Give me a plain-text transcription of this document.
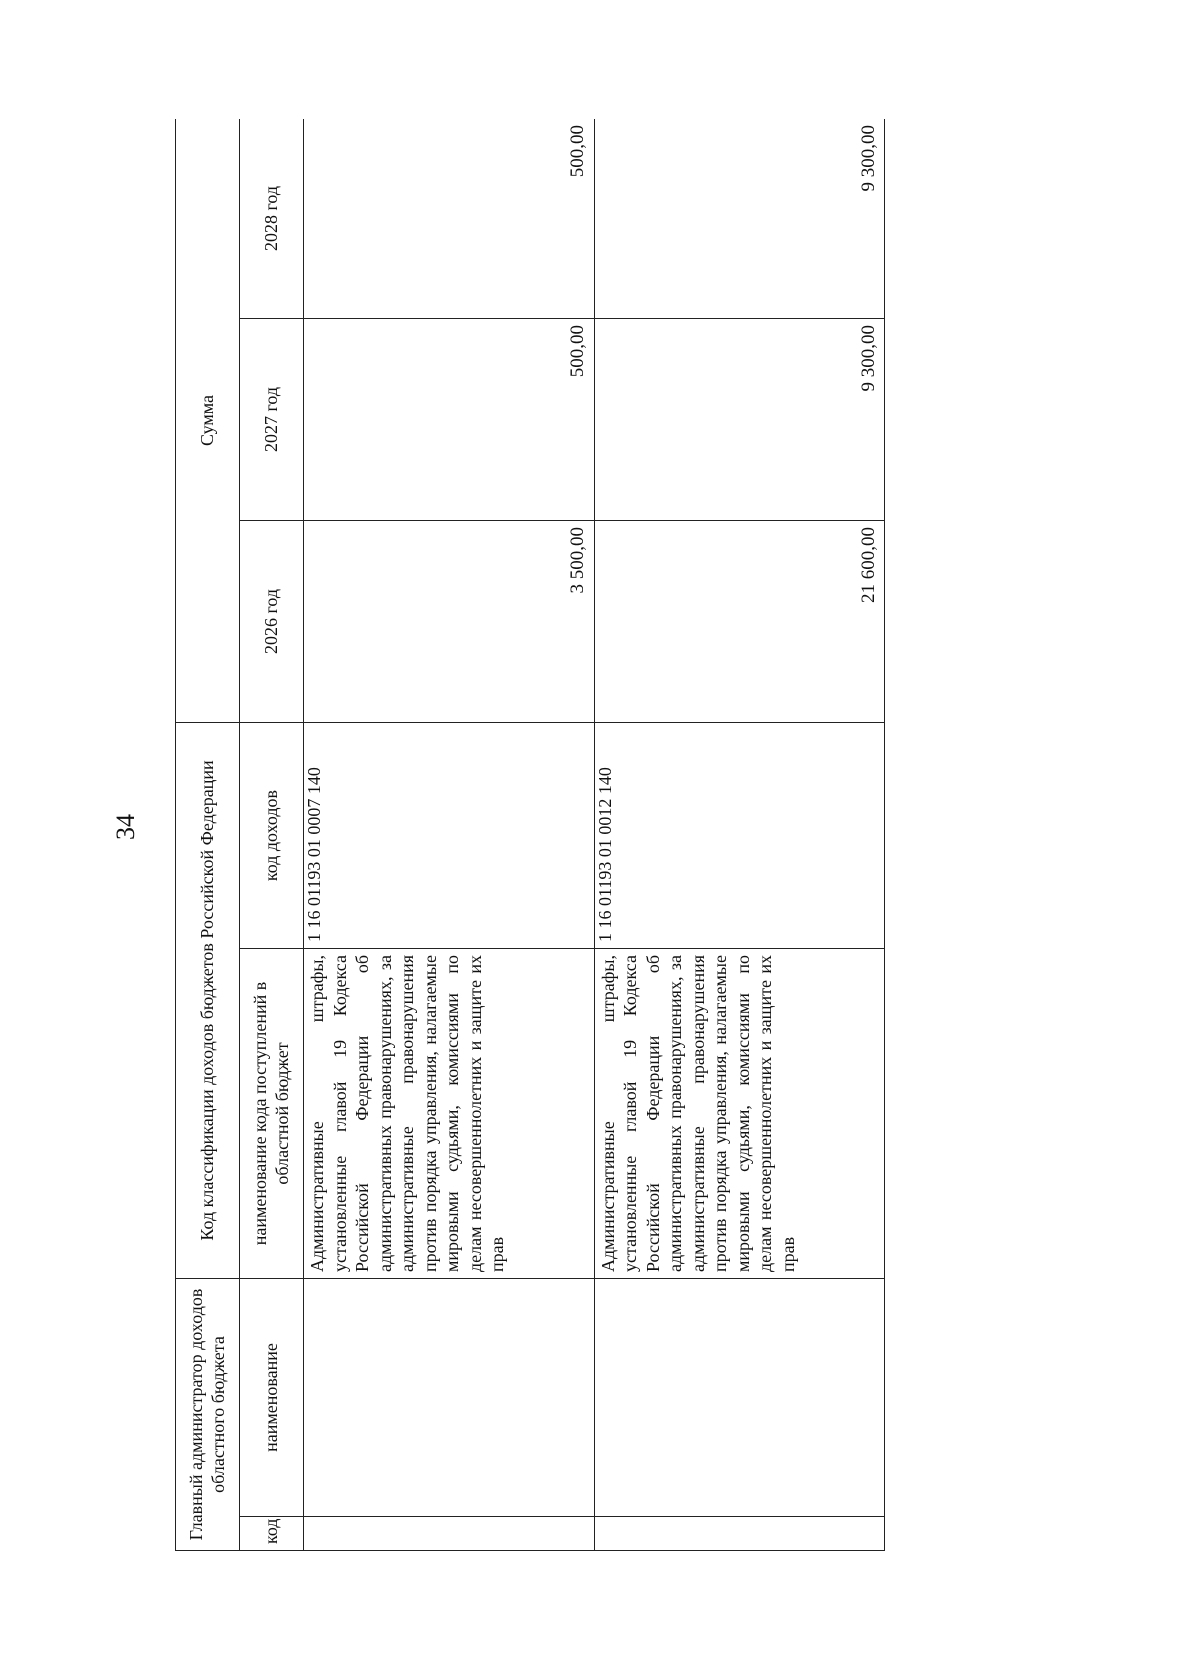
34
Главный администратор доходов областного бюджета		Код классификации доходов бюджетов Российской Федерации		Сумма		
код	наименование	наименование кода поступлений в областной бюджет	код доходов	2026 год	2027 год	2028 год
		Административные штрафы, установленные главой 19 Кодекса Российской Федерации об административных правонарушениях, за административные правонарушения против порядка управления, налагаемые мировыми судьями, комиссиями по делам несовершеннолетних и защите их прав	1 16 01193 01 0007 140	3 500,00	500,00	500,00
		Административные штрафы, установленные главой 19 Кодекса Российской Федерации об административных правонарушениях, за административные правонарушения против порядка управления, налагаемые мировыми судьями, комиссиями по делам несовершеннолетних и защите их прав	1 16 01193 01 0012 140	21 600,00	9 300,00	9 300,00
